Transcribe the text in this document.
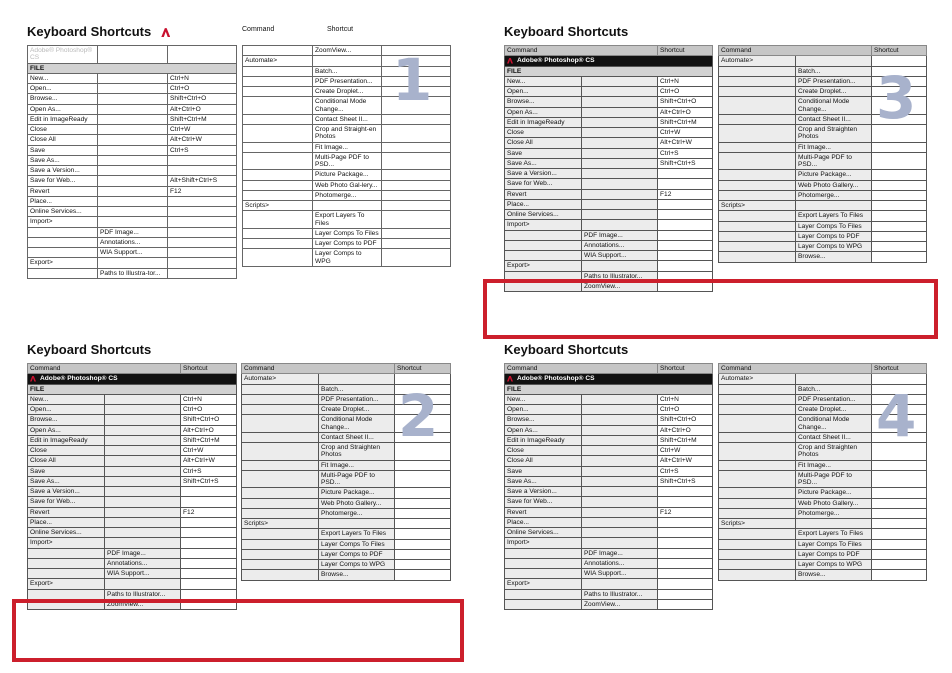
Keyboard Shortcuts	Command	Shortcut
Adobe® Photoshop® CS		
FILE		
New...		Ctrl+N
Open...		Ctrl+O
Browse...		Shift+Ctrl+O
Open As...		Alt+Ctrl+O
Edit in ImageReady		Shift+Ctrl+M
Close		Ctrl+W
Close All		Alt+Ctrl+W
Save		Ctrl+S
Save As...		
Save a Version...		
Save for Web...		Alt+Shift+Ctrl+S
Revert		F12
Place...		
Online Services...		
Import>		
	PDF Image...	
	Annotations...	
	WIA Support...	
Export>		
	Paths to Illustra-tor...	
	ZoomView...	
Automate>		
	Batch...	
	PDF Presentation...	
	Create Droplet...	
	Conditional Mode Change...	
	Contact Sheet II...	
	Crop and Straight-en Photos	
	Fit Image...	
	Multi-Page PDF to PSD...	
	Picture Package...	
	Web Photo Gal-lery...	
	Photomerge...	
Scripts>		
	Export Layers To Files	
	Layer Comps To Files	
	Layer Comps to PDF	
	Layer Comps to WPG	
1
Keyboard Shortcuts
Command		Shortcut
Adobe® Photoshop® CS		
FILE		
New...		Ctrl+N
Open...		Ctrl+O
Browse...		Shift+Ctrl+O
Open As...		Alt+Ctrl+O
Edit in ImageReady		Shift+Ctrl+M
Close		Ctrl+W
Close All		Alt+Ctrl+W
Save		Ctrl+S
Save As...		Shift+Ctrl+S
Save a Version...		
Save for Web...		
Revert		F12
Place...		
Online Services...		
Import>		
	PDF Image...	
	Annotations...	
	WIA Support...	
Export>		
	Paths to Illustrator...	
	ZoomView...	
Command		Shortcut
Automate>		
	Batch...	
	PDF Presentation...	
	Create Droplet...	
	Conditional Mode Change...	
	Contact Sheet II...	
	Crop and Straighten Photos	
	Fit Image...	
	Multi-Page PDF to PSD...	
	Picture Package...	
	Web Photo Gallery...	
	Photomerge...	
Scripts>		
	Export Layers To Files	
	Layer Comps To Files	
	Layer Comps to PDF	
	Layer Comps to WPG	
	Browse...	
3
Keyboard Shortcuts
Command		Shortcut
Adobe® Photoshop® CS		
FILE		
New...		Ctrl+N
Open...		Ctrl+O
Browse...		Shift+Ctrl+O
Open As...		Alt+Ctrl+O
Edit in ImageReady		Shift+Ctrl+M
Close		Ctrl+W
Close All		Alt+Ctrl+W
Save		Ctrl+S
Save As...		Shift+Ctrl+S
Save a Version...		
Save for Web...		
Revert		F12
Place...		
Online Services...		
Import>		
	PDF Image...	
	Annotations...	
	WIA Support...	
Export>		
	Paths to Illustrator...	
	ZoomView...	
Command		Shortcut
Automate>		
	Batch...	
	PDF Presentation...	
	Create Droplet...	
	Conditional Mode Change...	
	Contact Sheet II...	
	Crop and Straighten Photos	
	Fit Image...	
	Multi-Page PDF to PSD...	
	Picture Package...	
	Web Photo Gallery...	
	Photomerge...	
Scripts>		
	Export Layers To Files	
	Layer Comps To Files	
	Layer Comps to PDF	
	Layer Comps to WPG	
	Browse...	
2
Keyboard Shortcuts
Command		Shortcut
Adobe® Photoshop® CS		
FILE		
New...		Ctrl+N
Open...		Ctrl+O
Browse...		Shift+Ctrl+O
Open As...		Alt+Ctrl+O
Edit in ImageReady		Shift+Ctrl+M
Close		Ctrl+W
Close All		Alt+Ctrl+W
Save		Ctrl+S
Save As...		Shift+Ctrl+S
Save a Version...		
Save for Web...		
Revert		F12
Place...		
Online Services...		
Import>		
	PDF Image...	
	Annotations...	
	WIA Support...	
Export>		
	Paths to Illustrator...	
	ZoomView...	
Command		Shortcut
Automate>		
	Batch...	
	PDF Presentation...	
	Create Droplet...	
	Conditional Mode Change...	
	Contact Sheet II...	
	Crop and Straighten Photos	
	Fit Image...	
	Multi-Page PDF to PSD...	
	Picture Package...	
	Web Photo Gallery...	
	Photomerge...	
Scripts>		
	Export Layers To Files	
	Layer Comps To Files	
	Layer Comps to PDF	
	Layer Comps to WPG	
	Browse...	
4
